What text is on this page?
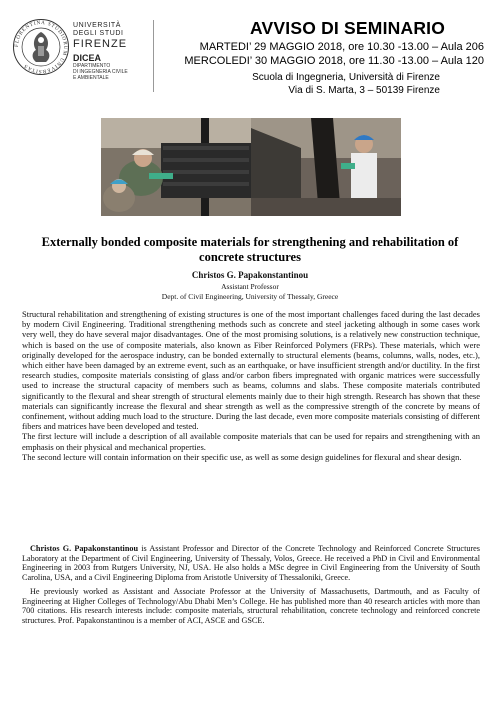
FLORENTINA STUDIORUM UNIVERSITAS
UNIVERSITÀ
DEGLI STUDI
FIRENZE
DICEA
DIPARTIMENTO
DI INGEGNERIA CIVILE
E AMBIENTALE
AVVISO DI SEMINARIO
MARTEDI’ 29 MAGGIO 2018, ore 10.30 -13.00 – Aula 206
MERCOLEDI’ 30 MAGGIO 2018, ore 11.30 -13.00 – Aula 120
Scuola di Ingegneria, Università di Firenze
Via di S. Marta, 3 – 50139 Firenze
Externally bonded composite materials for strengthening and rehabilitation of concrete structures
Christos G. Papakonstantinou
Assistant Professor
Dept. of Civil Engineering, University of Thessaly, Greece

Structural rehabilitation and strengthening of existing structures is one of the most important challenges faced during the last decades by modern Civil Engineering. Traditional strengthening methods such as concrete and steel jacketing although in some cases work very well, they do have several major disadvantages. One of the most promising solutions, is a relatively new construction technique, which is based on the use of composite materials, also known as Fiber Reinforced Polymers (FRPs). These materials, which were originally developed for the aerospace industry, can be bonded externally to structural elements (beams, columns, walls, nodes, etc.), which either have been damaged by an extreme event, such as an earthquake, or have insufficient strength and/or ductility. In the first research studies, composite materials consisting of glass and/or carbon fibers impregnated with organic matrices were successfully used to increase the structural capacity of members such as beams, columns and slabs. These composite materials contributed significantly to the flexural and shear strength of structural elements mainly due to their high strength. Research has shown that these materials can significantly increase the flexural and shear strength as well as the compressive strength of the concrete by means of confinement, without adding much load to the structure. During the last decade, even more composite materials consisting of different fibers and matrices have been developed and tested.

The first lecture will include a description of all available composite materials that can be used for repairs and strengthening with an emphasis on their physical and mechanical properties.

The second lecture will contain information on their specific use, as well as some design guidelines for flexural and shear design.

Christos G. Papakonstantinou is Assistant Professor and Director of the Concrete Technology and Reinforced Concrete Structures Laboratory at the Department of Civil Engineering, University of Thessaly, Volos, Greece. He received a PhD in Civil and Environmental Engineering in 2003 from Rutgers University, NJ, USA. He also holds a MSc degree in Civil Engineering from the University of South Carolina, USA, and a Civil Engineering Diploma from Aristotle University of Thessaloniki, Greece.

He previously worked as Assistant and Associate Professor at the University of Massachusetts, Dartmouth, and as Faculty of Engineering at Higher Colleges of Technology/Abu Dhabi Men’s College. He has published more than 40 research articles with more than 700 citations. His research interests include: composite materials, structural rehabilitation, concrete technology and reinforced concrete structures. Prof. Papakonstantinou is a member of ACI, ASCE and GSCE.
